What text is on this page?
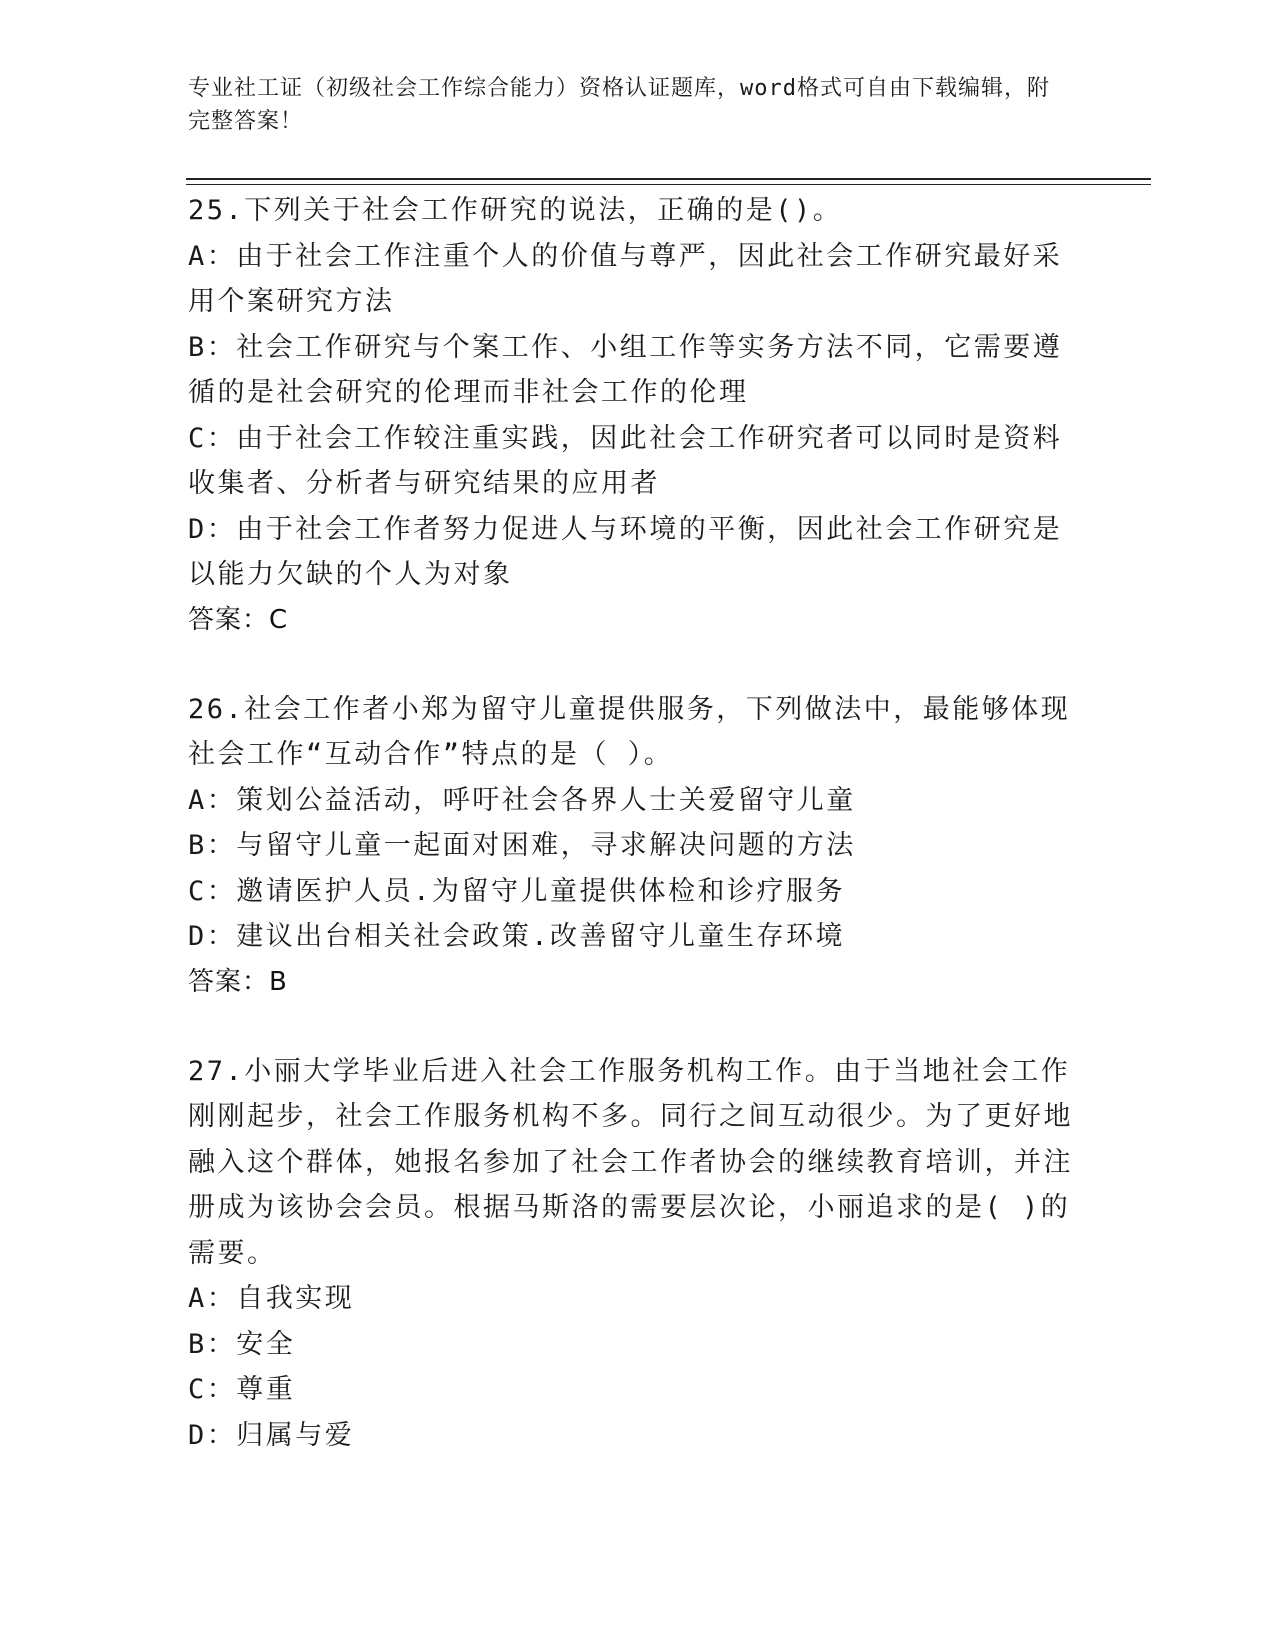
专业社工证（初级社会工作综合能力）资格认证题库，word格式可自由下载编辑，附完整答案！
25.下列关于社会工作研究的说法，正确的是()。
A：由于社会工作注重个人的价值与尊严，因此社会工作研究最好采用个案研究方法
B：社会工作研究与个案工作、小组工作等实务方法不同，它需要遵循的是社会研究的伦理而非社会工作的伦理
C：由于社会工作较注重实践，因此社会工作研究者可以同时是资料收集者、分析者与研究结果的应用者
D：由于社会工作者努力促进人与环境的平衡，因此社会工作研究是以能力欠缺的个人为对象
答案：C
26.社会工作者小郑为留守儿童提供服务，下列做法中，最能够体现社会工作“互动合作”特点的是（ ）。
A：策划公益活动，呼吁社会各界人士关爱留守儿童
B：与留守儿童一起面对困难，寻求解决问题的方法
C：邀请医护人员.为留守儿童提供体检和诊疗服务
D：建议出台相关社会政策.改善留守儿童生存环境
答案：B
27.小丽大学毕业后进入社会工作服务机构工作。由于当地社会工作刚刚起步，社会工作服务机构不多。同行之间互动很少。为了更好地融入这个群体，她报名参加了社会工作者协会的继续教育培训，并注册成为该协会会员。根据马斯洛的需要层次论，小丽追求的是( )的需要。
A：自我实现
B：安全
C：尊重
D：归属与爱
